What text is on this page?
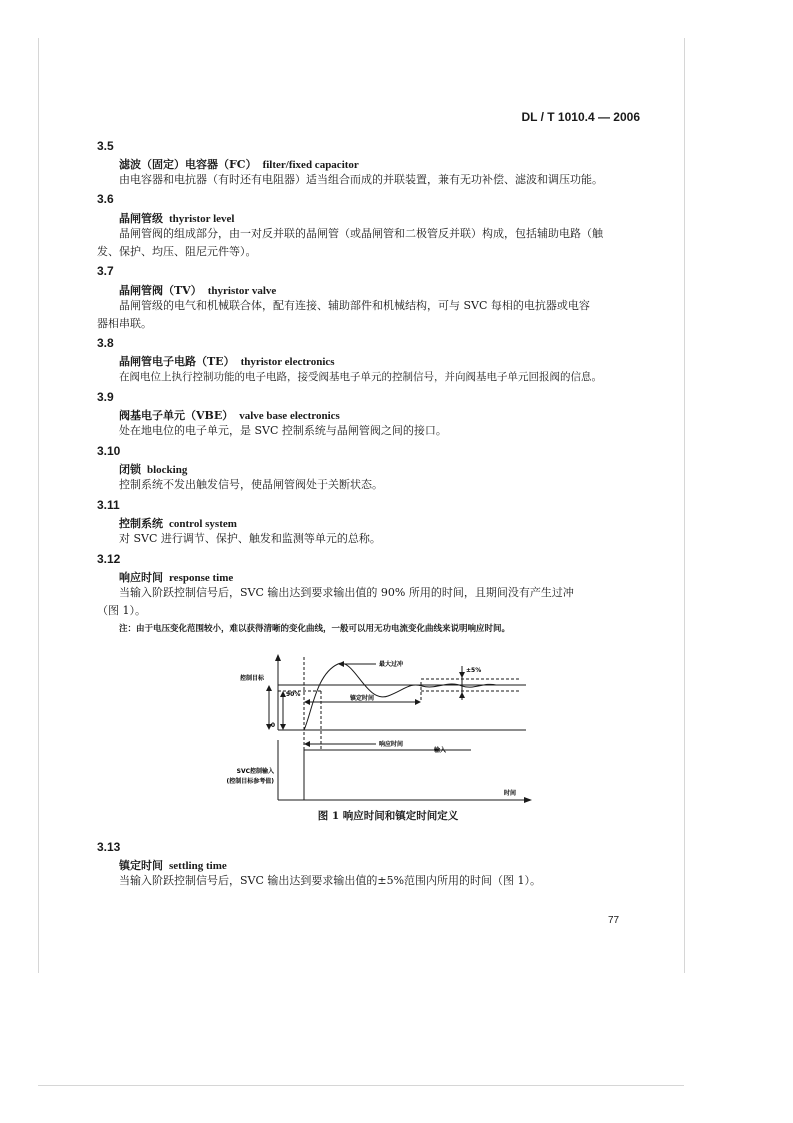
DL / T 1010.4 — 2006
3.5
滤波（固定）电容器（FC） filter/fixed capacitor
由电容器和电抗器（有时还有电阻器）适当组合而成的并联装置，兼有无功补偿、滤波和调压功能。
3.6
晶闸管级 thyristor level
晶闸管阀的组成部分，由一对反并联的晶闸管（或晶闸管和二极管反并联）构成，包括辅助电路（触
发、保护、均压、阻尼元件等）。
3.7
晶闸管阀（TV） thyristor valve
晶闸管级的电气和机械联合体，配有连接、辅助部件和机械结构，可与 SVC 每相的电抗器或电容
器相串联。
3.8
晶闸管电子电路（TE） thyristor electronics
在阀电位上执行控制功能的电子电路，接受阀基电子单元的控制信号，并向阀基电子单元回报阀的信息。
3.9
阀基电子单元（VBE） valve base electronics
处在地电位的电子单元，是 SVC 控制系统与晶闸管阀之间的接口。
3.10
闭锁 blocking
控制系统不发出触发信号，使晶闸管阀处于关断状态。
3.11
控制系统 control system
对 SVC 进行调节、保护、触发和监测等单元的总称。
3.12
响应时间 response time
当输入阶跃控制信号后，SVC 输出达到要求输出值的 90% 所用的时间，且期间没有产生过冲
（图 1）。
注：由于电压变化范围较小，难以获得清晰的变化曲线，一般可以用无功电流变化曲线来说明响应时间。
最大过冲
±5%
控制目标
90%
镇定时间
0
响应时间
输入
SVC控制输入
(控制目标参考值)
时间
图 1 响应时间和镇定时间定义
3.13
镇定时间 settling time
当输入阶跃控制信号后，SVC 输出达到要求输出值的±5%范围内所用的时间（图 1）。
77
